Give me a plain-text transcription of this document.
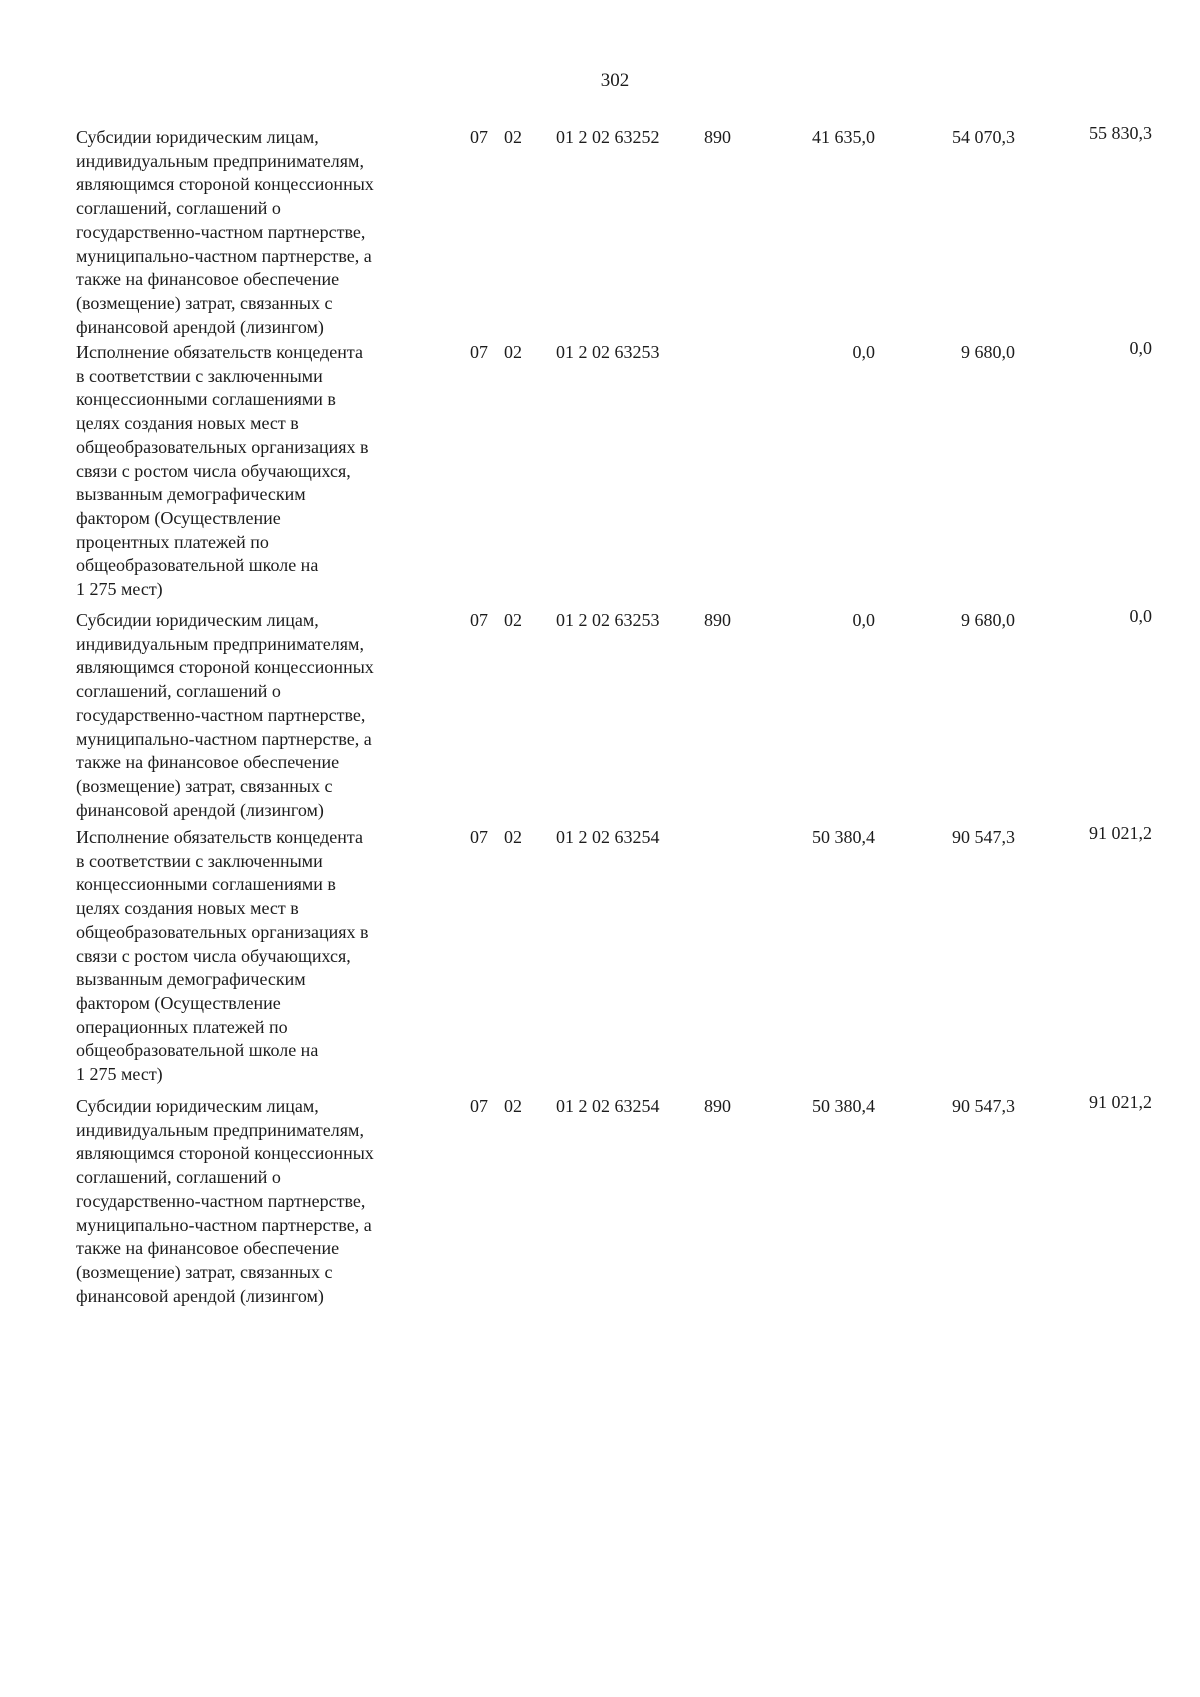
302
Субсидии юридическим лицам,
индивидуальным предпринимателям,
являющимся стороной концессионных
соглашений, соглашений о
государственно-частном партнерстве,
муниципально-частном партнерстве, а
также на финансовое обеспечение
(возмещение) затрат, связанных с
финансовой арендой (лизингом)
07 02 01 2 02 63252 890	41 635,0	54 070,3	55 830,3
Исполнение обязательств концедента
в соответствии с заключенными
концессионными соглашениями в
целях создания новых мест в
общеобразовательных организациях в
связи с ростом числа обучающихся,
вызванным демографическим
фактором (Осуществление
процентных платежей по
общеобразовательной школе на
1 275 мест)
07 02 01 2 02 63253	0,0	9 680,0	0,0
Субсидии юридическим лицам,
индивидуальным предпринимателям,
являющимся стороной концессионных
соглашений, соглашений о
государственно-частном партнерстве,
муниципально-частном партнерстве, а
также на финансовое обеспечение
(возмещение) затрат, связанных с
финансовой арендой (лизингом)
07 02 01 2 02 63253 890	0,0	9 680,0	0,0
Исполнение обязательств концедента
в соответствии с заключенными
концессионными соглашениями в
целях создания новых мест в
общеобразовательных организациях в
связи с ростом числа обучающихся,
вызванным демографическим
фактором (Осуществление
операционных платежей по
общеобразовательной школе на
1 275 мест)
07 02 01 2 02 63254	50 380,4	90 547,3	91 021,2
Субсидии юридическим лицам,
индивидуальным предпринимателям,
являющимся стороной концессионных
соглашений, соглашений о
государственно-частном партнерстве,
муниципально-частном партнерстве, а
также на финансовое обеспечение
(возмещение) затрат, связанных с
финансовой арендой (лизингом)
07 02 01 2 02 63254 890	50 380,4	90 547,3	91 021,2
